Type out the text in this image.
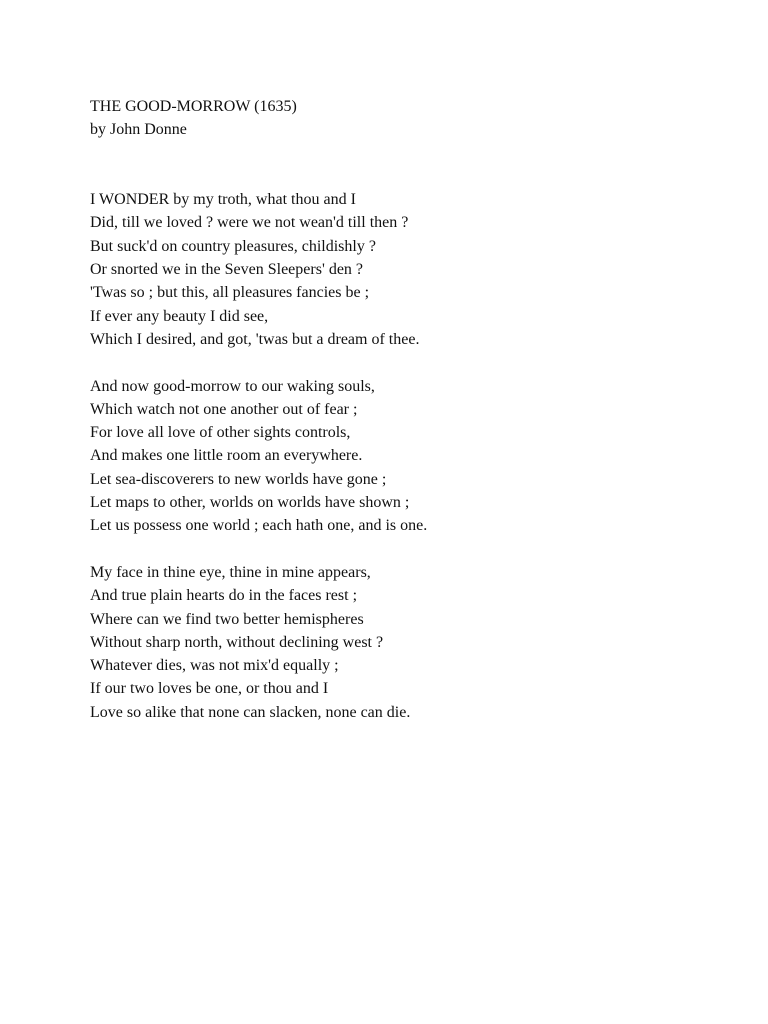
THE GOOD-MORROW (1635)
by John Donne
I WONDER by my troth, what thou and I
Did, till we loved ? were we not wean'd till then ?
But suck'd on country pleasures, childishly ?
Or snorted we in the Seven Sleepers' den ?
'Twas so ; but this, all pleasures fancies be ;
If ever any beauty I did see,
Which I desired, and got, 'twas but a dream of thee.
And now good-morrow to our waking souls,
Which watch not one another out of fear ;
For love all love of other sights controls,
And makes one little room an everywhere.
Let sea-discoverers to new worlds have gone ;
Let maps to other, worlds on worlds have shown ;
Let us possess one world ; each hath one, and is one.
My face in thine eye, thine in mine appears,
And true plain hearts do in the faces rest ;
Where can we find two better hemispheres
Without sharp north, without declining west ?
Whatever dies, was not mix'd equally ;
If our two loves be one, or thou and I
Love so alike that none can slacken, none can die.
